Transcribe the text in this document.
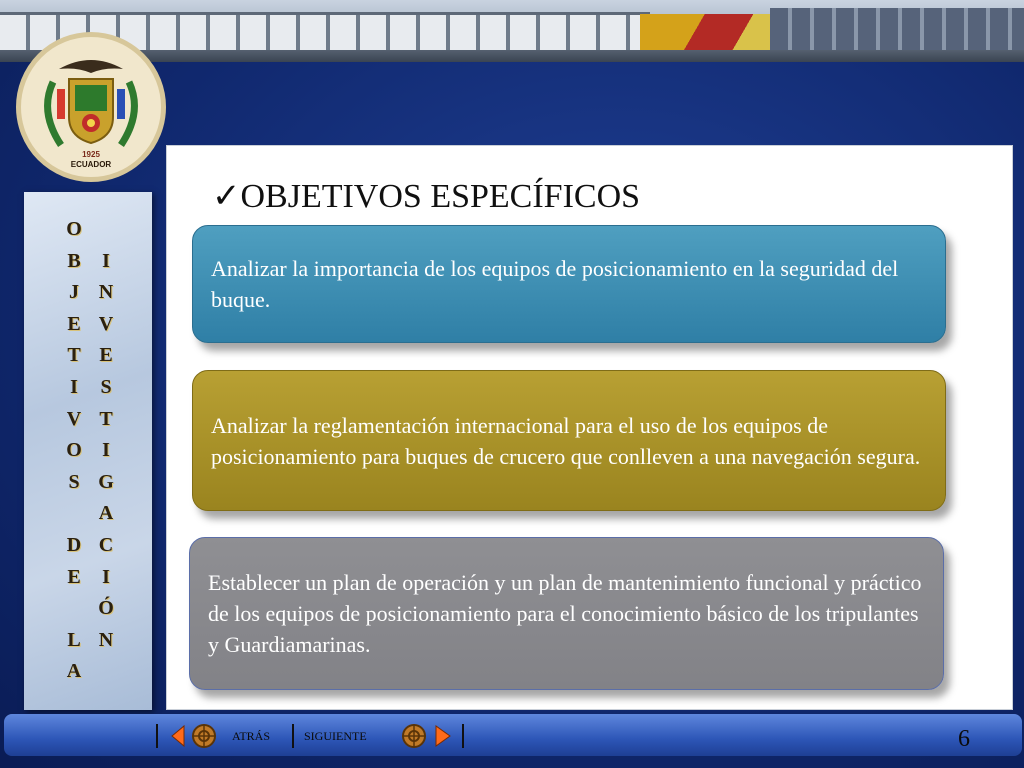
1925
ECUADOR
O
B
J
E
T
I
V
O
S
D
E
L
A
I
N
V
E
S
T
I
G
A
C
I
Ó
N
✓OBJETIVOS ESPECÍFICOS

Analizar la importancia de los equipos de posicionamiento en la seguridad del buque.

Analizar la reglamentación internacional para el uso de los equipos de posicionamiento para buques de crucero que conlleven a una navegación segura.

Establecer un plan de operación y un plan de mantenimiento funcional y práctico de los equipos de posicionamiento para el conocimiento básico de los tripulantes y Guardiamarinas.

ATRÁS	SIGUIENTE	6
